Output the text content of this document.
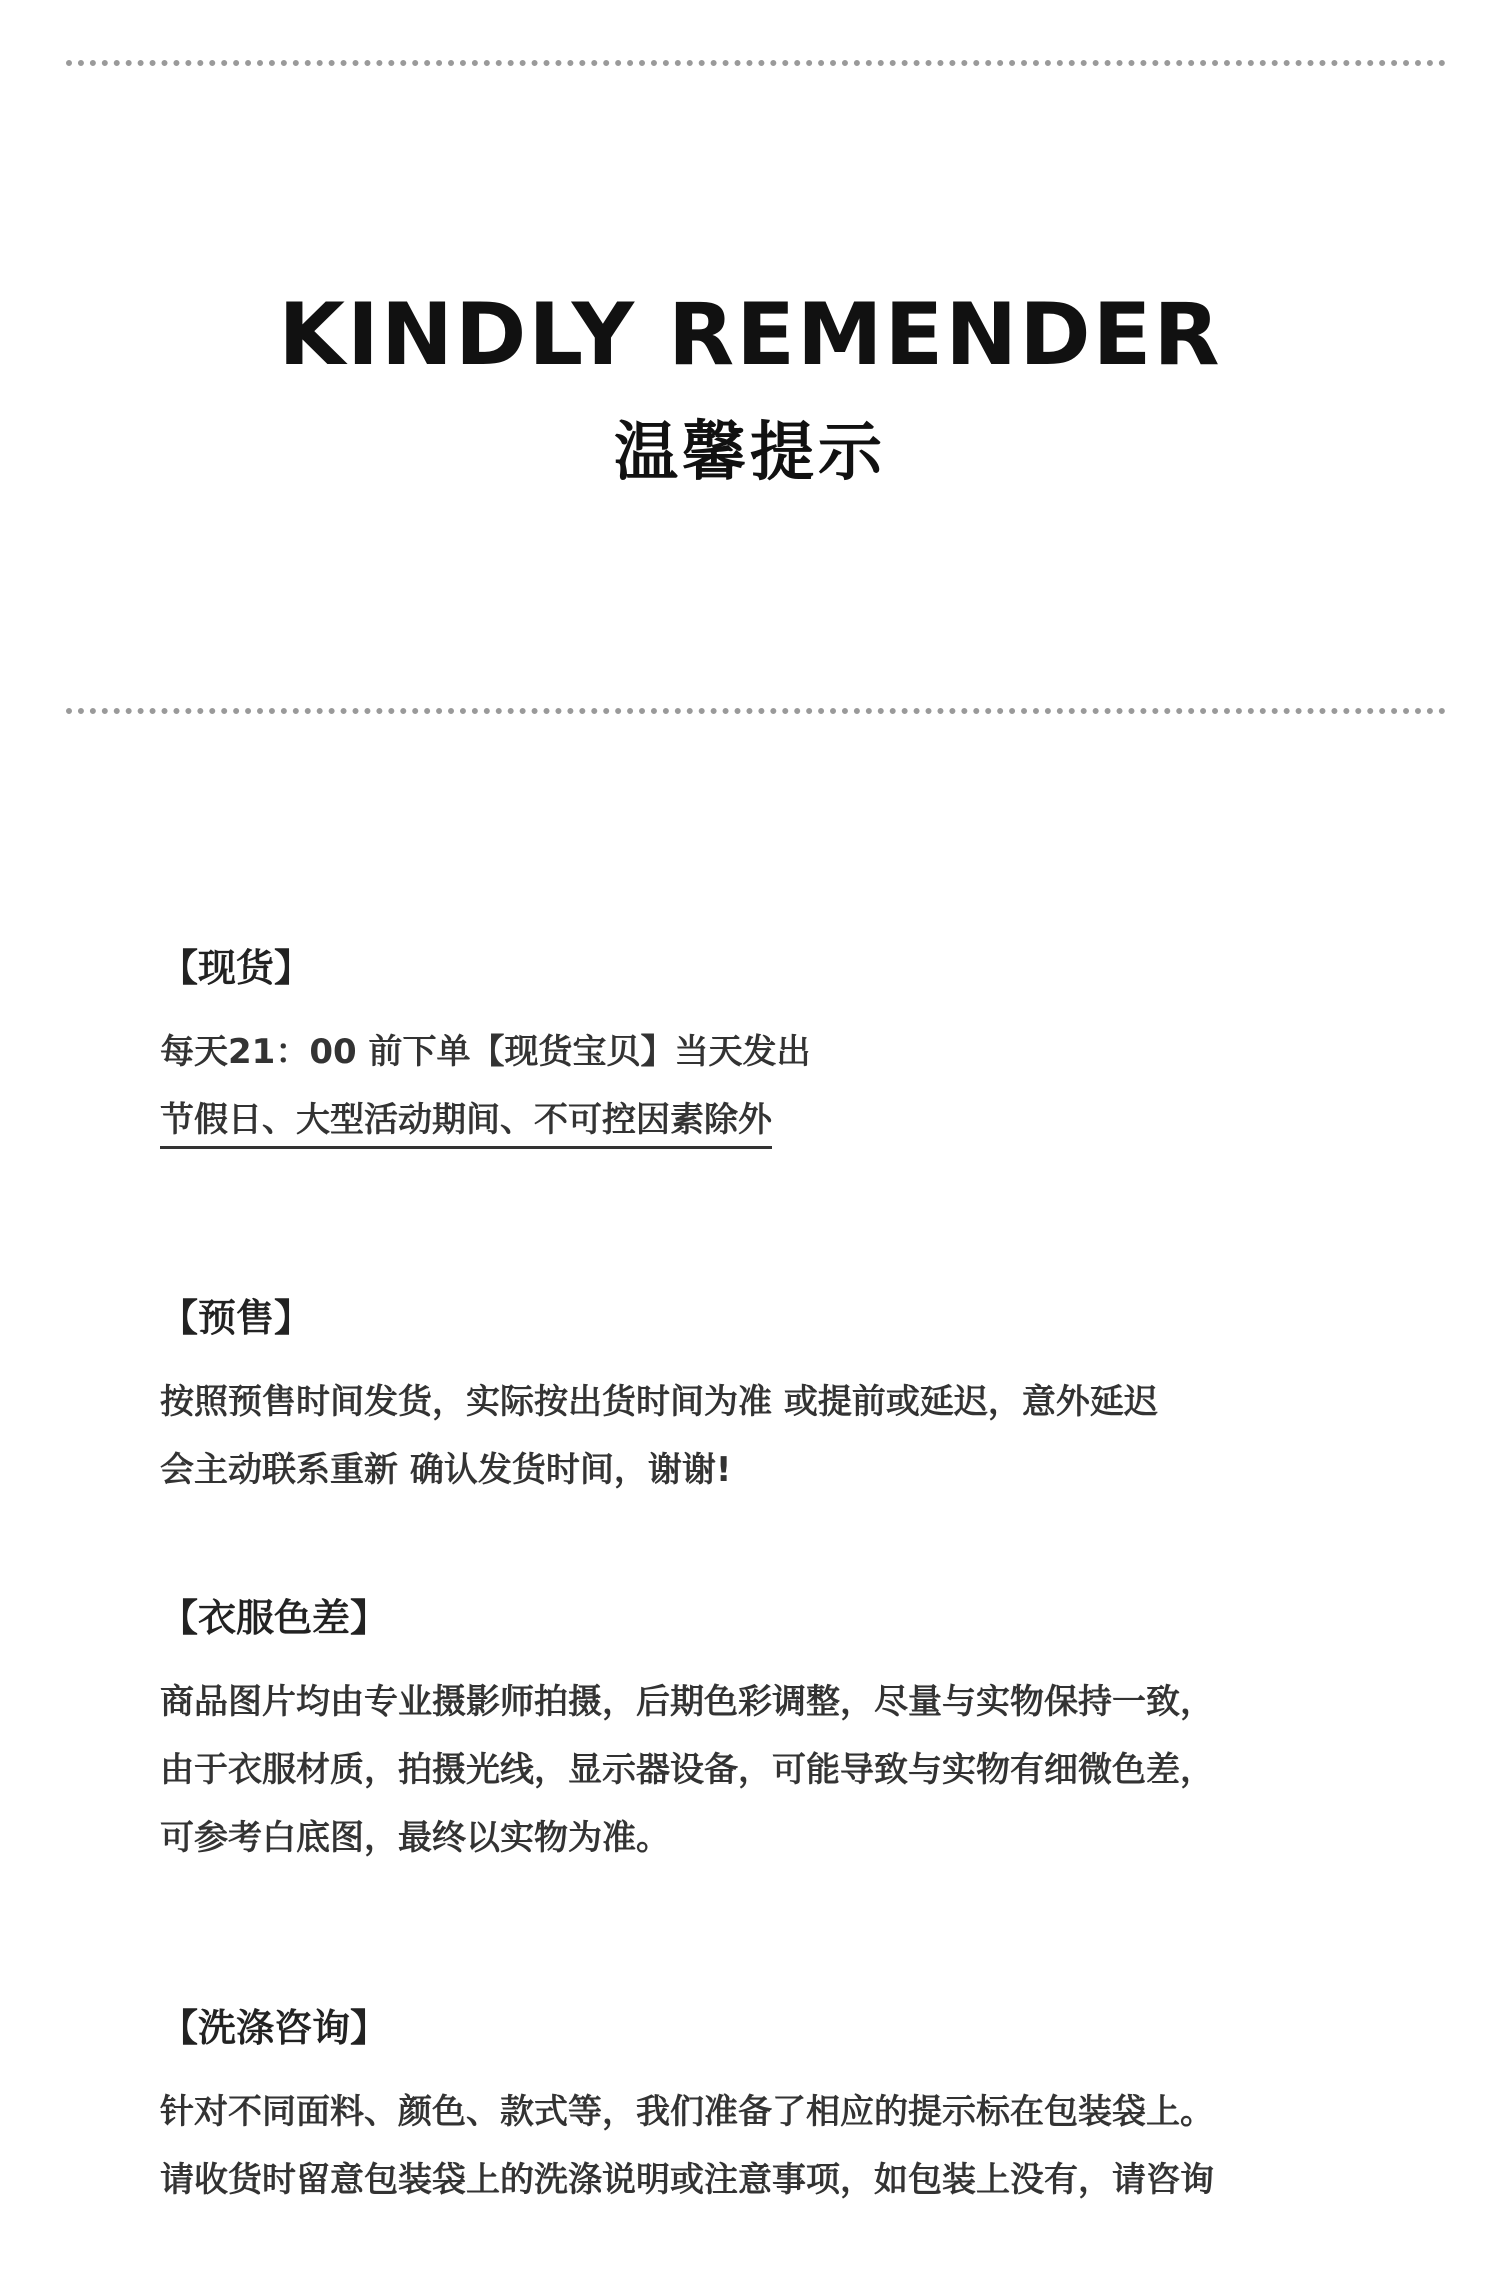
KINDLY REMENDER
温馨提示

【现货】

每天21：00 前下单【现货宝贝】当天发出

节假日、大型活动期间、不可控因素除外

【预售】

按照预售时间发货，实际按出货时间为准 或提前或延迟，意外延迟

会主动联系重新 确认发货时间，谢谢!

【衣服色差】

商品图片均由专业摄影师拍摄，后期色彩调整，尽量与实物保持一致，

由于衣服材质，拍摄光线，显示器设备，可能导致与实物有细微色差，

可参考白底图，最终以实物为准。

【洗涤咨询】

针对不同面料、颜色、款式等，我们准备了相应的提示标在包装袋上。

请收货时留意包装袋上的洗涤说明或注意事项，如包装上没有，请咨询
